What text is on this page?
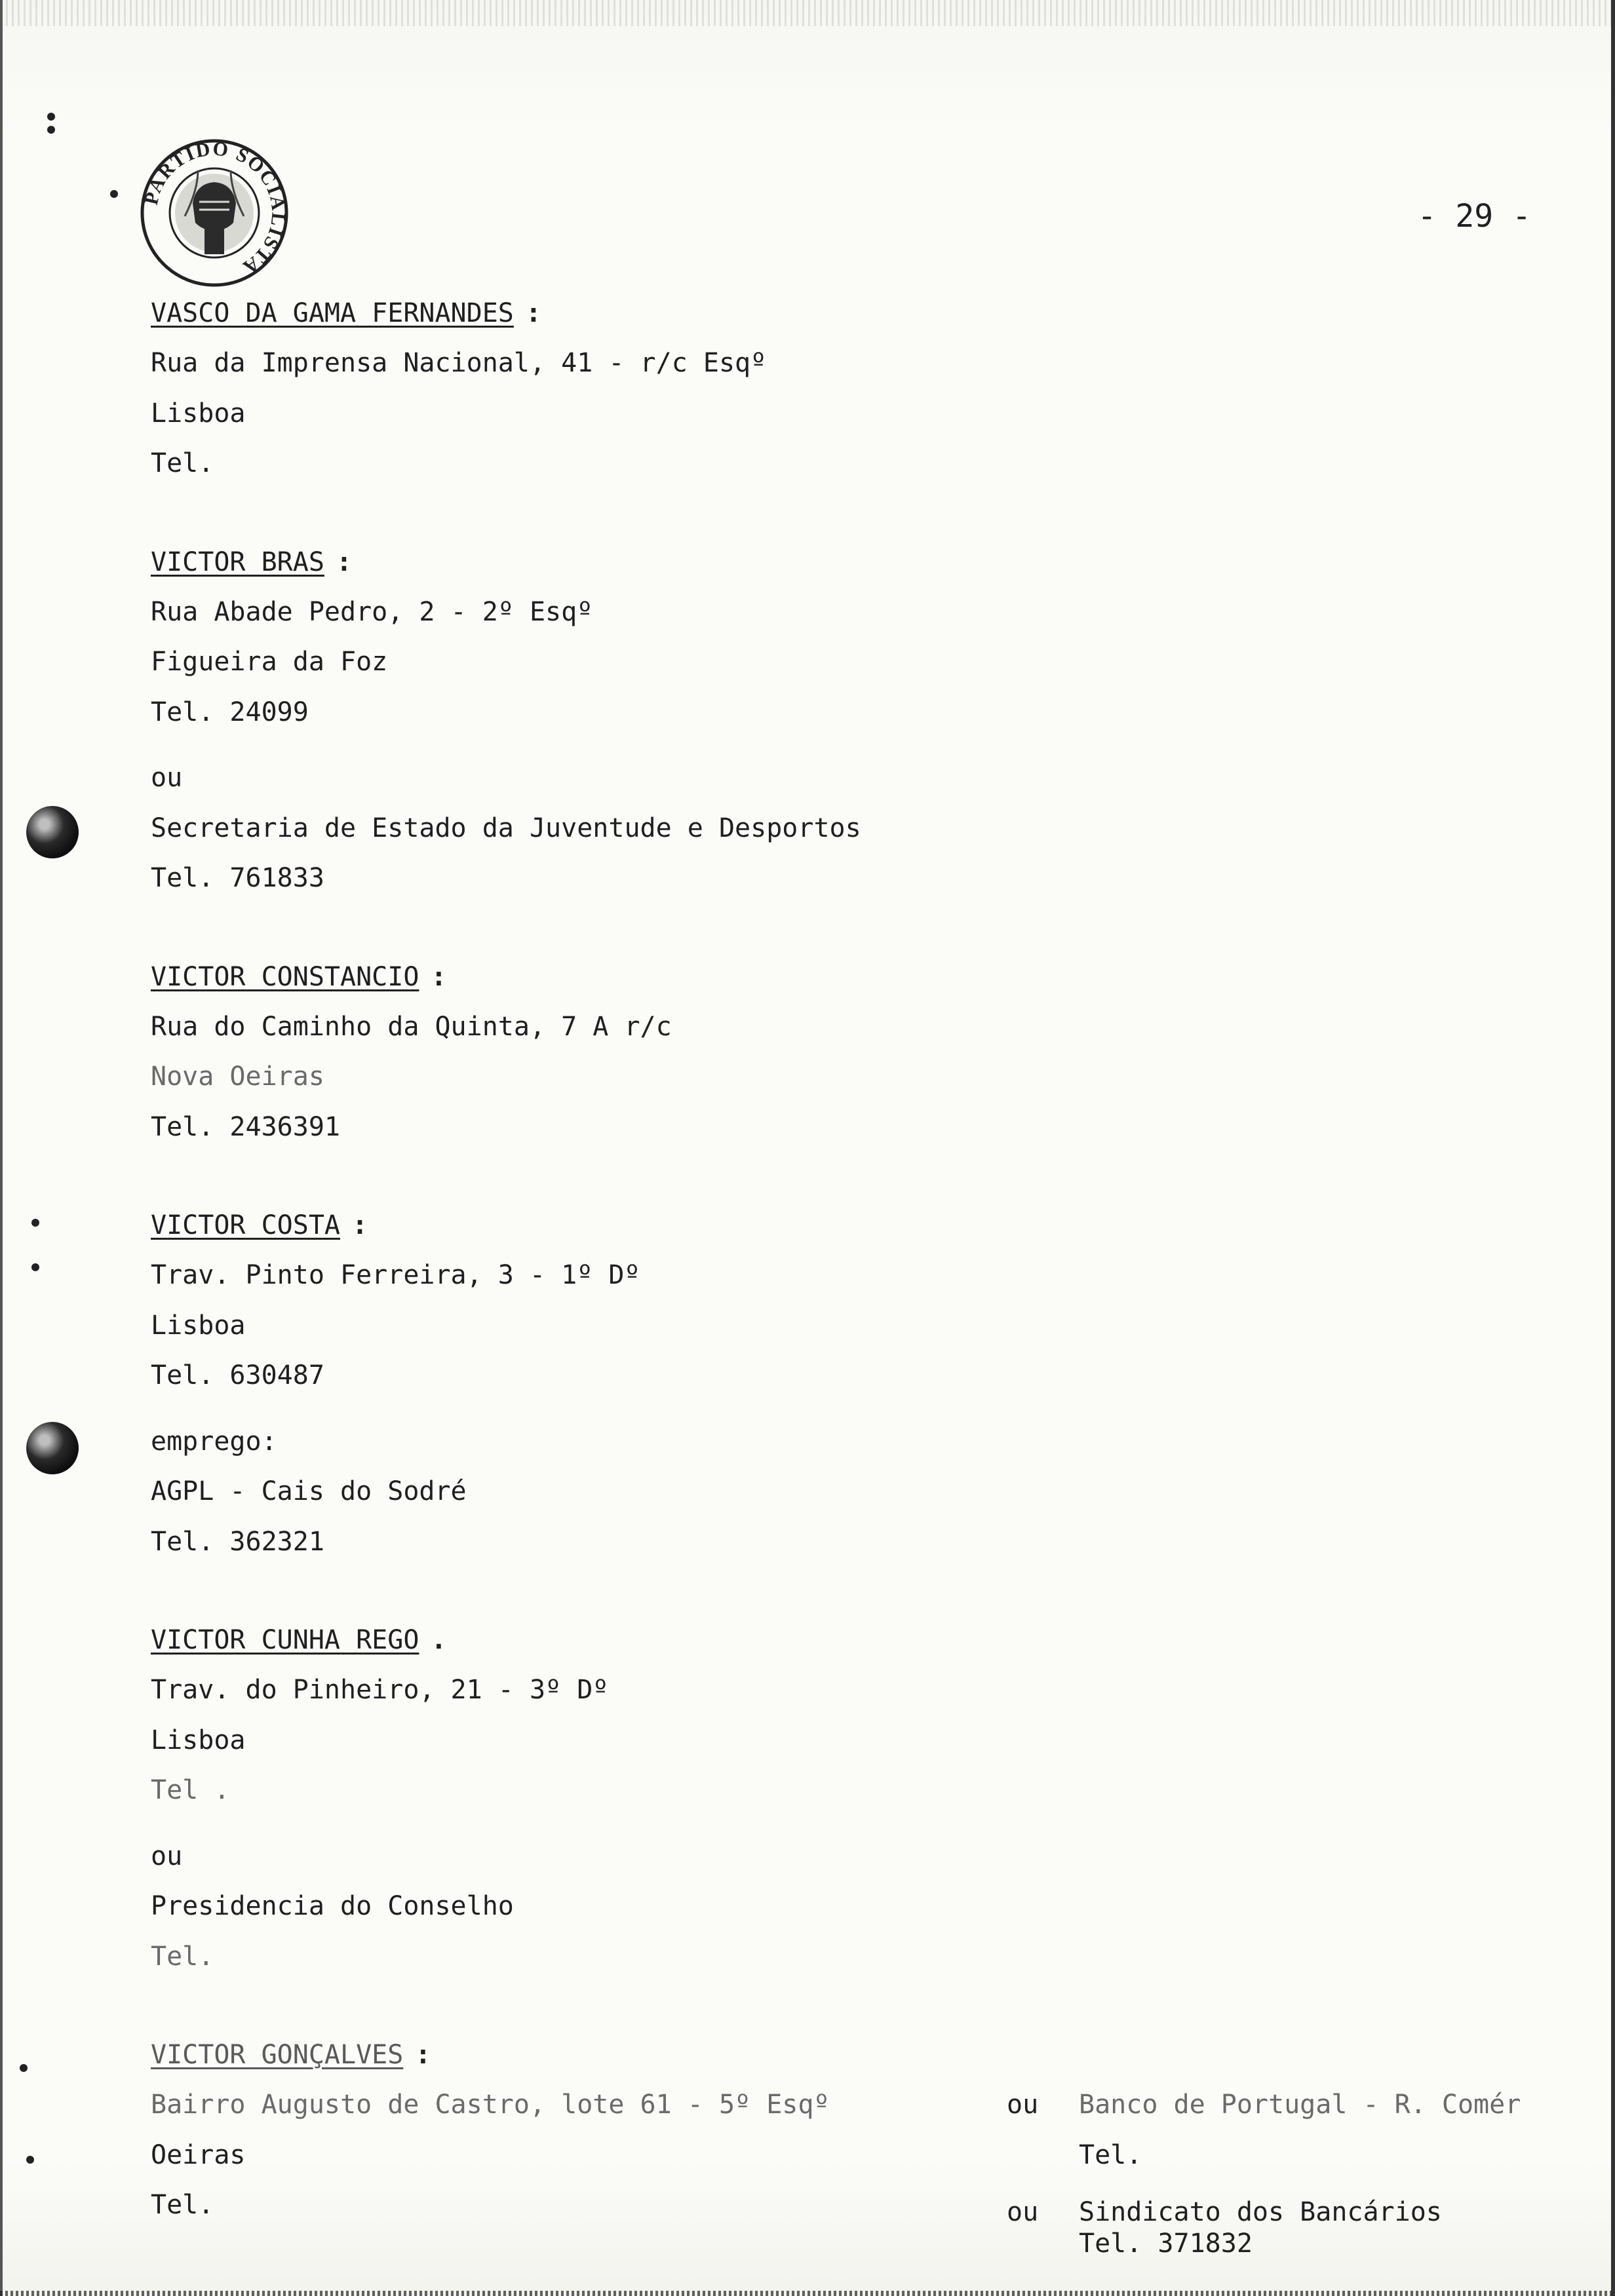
PARTIDO SOCIALISTA
- 29 -
VASCO DA GAMA FERNANDES :
Rua da Imprensa Nacional, 41 - r/c Esqº
Lisboa
Tel.
VICTOR BRAS :
Rua Abade Pedro, 2 - 2º Esqº
Figueira da Foz
Tel. 24099
ou
Secretaria de Estado da Juventude e Desportos
Tel. 761833
VICTOR CONSTANCIO :
Rua do Caminho da Quinta, 7 A r/c
Nova Oeiras
Tel. 2436391
VICTOR COSTA :
Trav. Pinto Ferreira, 3 - 1º Dº
Lisboa
Tel. 630487
emprego:
AGPL - Cais do Sodré
Tel. 362321
VICTOR CUNHA REGO .
Trav. do Pinheiro, 21 - 3º Dº
Lisboa
Tel .
ou
Presidencia do Conselho
Tel.
VICTOR GONÇALVES :
Bairro Augusto de Castro, lote 61 - 5º Esqº
Oeiras
Tel.
ou Banco de Portugal - R. Comér
Tel.
ou Sindicato dos Bancários
Tel. 371832
